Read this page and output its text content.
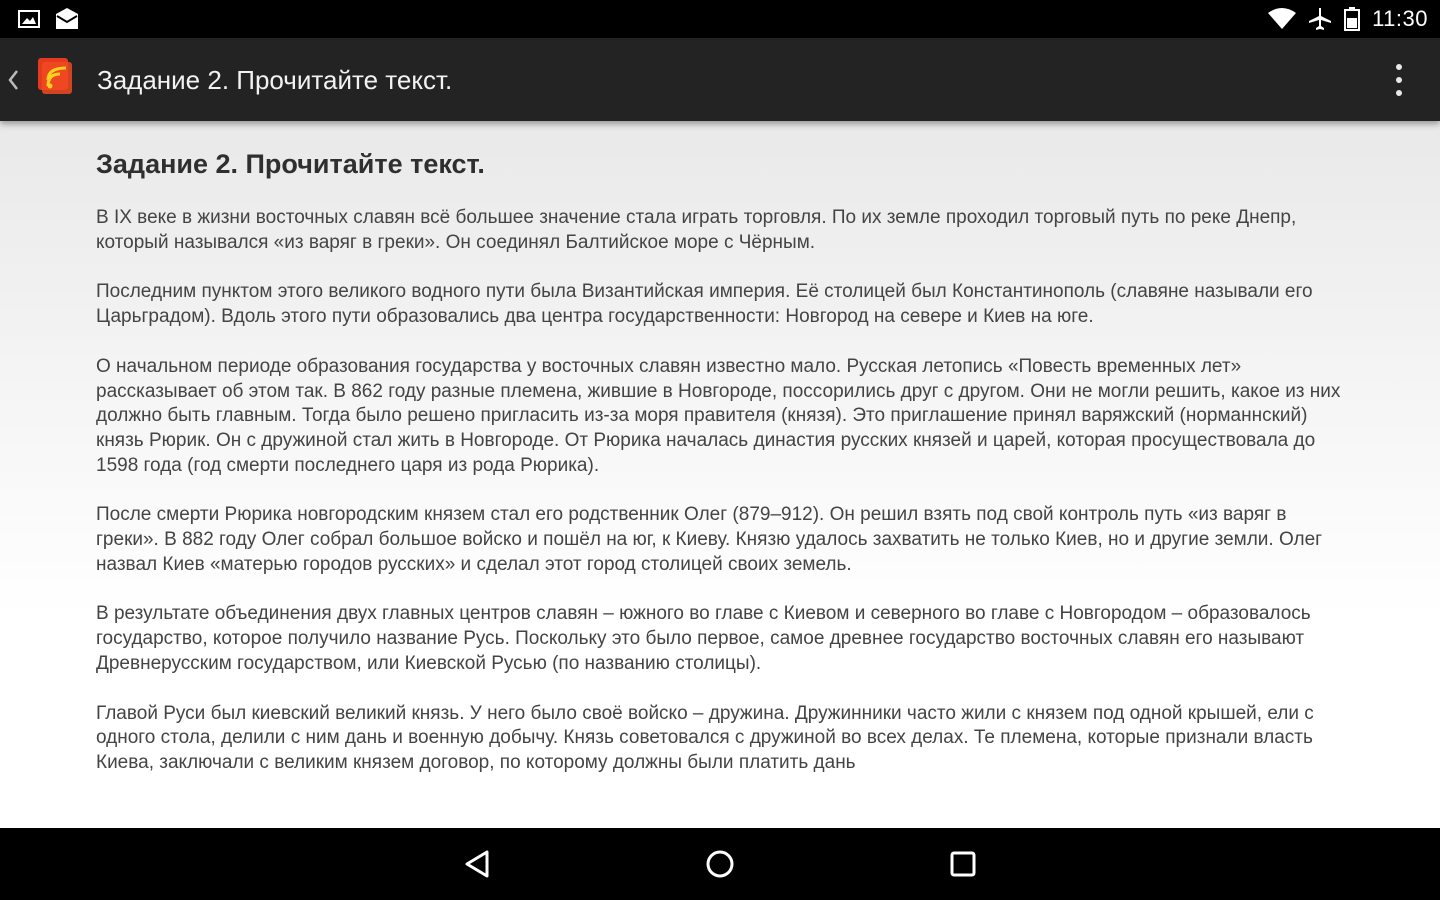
11:30
Задание 2. Прочитайте текст.
Задание 2. Прочитайте текст.

В IX веке в жизни восточных славян всё большее значение стала играть торговля. По их земле проходил торговый путь по реке Днепр, который назывался «из варяг в греки». Он соединял Балтийское море с Чёрным.

Последним пунктом этого великого водного пути была Византийская империя. Её столицей был Константинополь (славяне называли его Царьградом). Вдоль этого пути образовались два центра государственности: Новгород на севере и Киев на юге.

О начальном периоде образования государства у восточных славян известно мало. Русская летопись «Повесть временных лет» рассказывает об этом так. В 862 году разные племена, жившие в Новгороде, поссорились друг с другом. Они не могли решить, какое из них должно быть главным. Тогда было решено пригласить из-за моря правителя (князя). Это приглашение принял варяжский (норманнский) князь Рюрик. Он с дружиной стал жить в Новгороде. От Рюрика началась династия русских князей и царей, которая просуществовала до 1598 года (год смерти последнего царя из рода Рюрика).

После смерти Рюрика новгородским князем стал его родственник Олег (879–912). Он решил взять под свой контроль путь «из варяг в греки». В 882 году Олег собрал большое войско и пошёл на юг, к Киеву. Князю удалось захватить не только Киев, но и другие земли. Олег назвал Киев «матерью городов русских» и сделал этот город столицей своих земель.

В результате объединения двух главных центров славян – южного во главе с Киевом и северного во главе с Новгородом – образовалось государство, которое получило название Русь. Поскольку это было первое, самое древнее государство восточных славян его называют Древнерусским государством, или Киевской Русью (по названию столицы).

Главой Руси был киевский великий князь. У него было своё войско – дружина. Дружинники часто жили с князем под одной крышей, ели с одного стола, делили с ним дань и военную добычу. Князь советовался с дружиной во всех делах. Те племена, которые признали власть Киева, заключали с великим князем договор, по которому должны были платить дань
